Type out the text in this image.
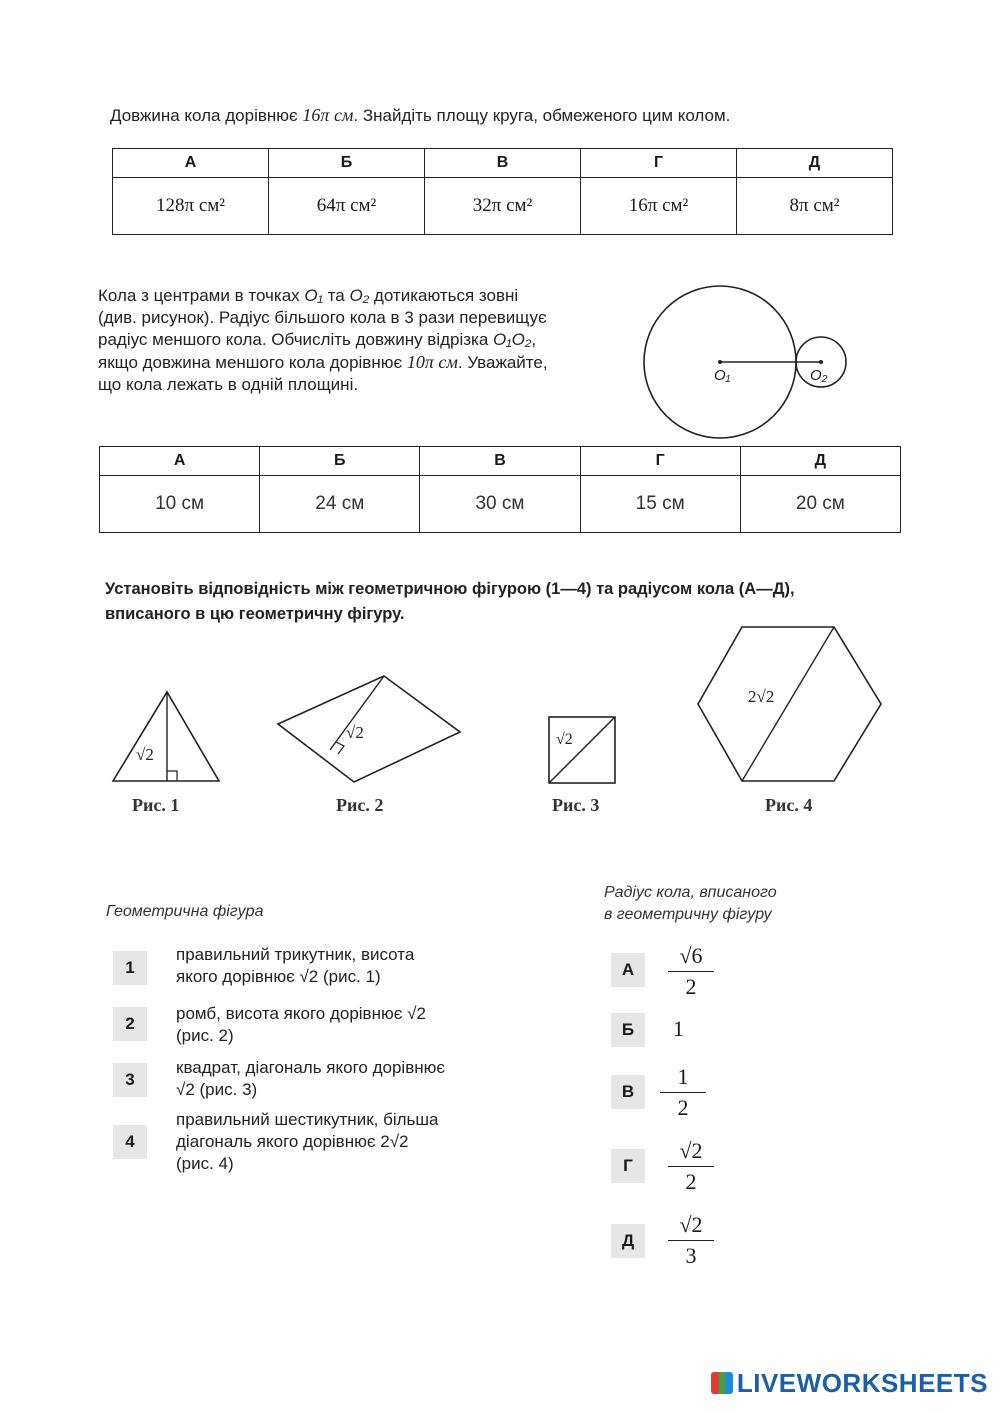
Довжина кола дорівнює 16π см. Знайдіть площу круга, обмеженого цим колом.
А	Б	В	Г	Д
128π см²	64π см²	32π см²	16π см²	8π см²
Кола з центрами в точках O₁ та O₂ дотикаються зовні
(див. рисунок). Радіус більшого кола в 3 рази перевищує
радіус меншого кола. Обчисліть довжину відрізка O₁O₂,
якщо довжина меншого кола дорівнює 10π см. Уважайте,
що кола лежать в одній площині.	O₁	O₂
А	Б	В	Г	Д
10 см	24 см	30 см	15 см	20 см
Установіть відповідність між геометричною фігурою (1—4) та радіусом кола (А—Д),
вписаного в цю геометричну фігуру.
√2
Рис. 1
√2
Рис. 2
√2
Рис. 3
2√2
Рис. 4
Геометрична фігура
1
правильний трикутник, висота
якого дорівнює √2 (рис. 1)
2
ромб, висота якого дорівнює √2
(рис. 2)
3
квадрат, діагональ якого дорівнює
√2 (рис. 3)
4
правильний шестикутник, більша
діагональ якого дорівнює 2√2
(рис. 4)
Радіус кола, вписаного
в геометричну фігуру
А	$\frac{√6}{2}$
Б	1
В	$\frac{1}{2}$
Г	$\frac{√2}{2}$
Д	$\frac{√2}{3}$
LIVEWORKSHEETS
